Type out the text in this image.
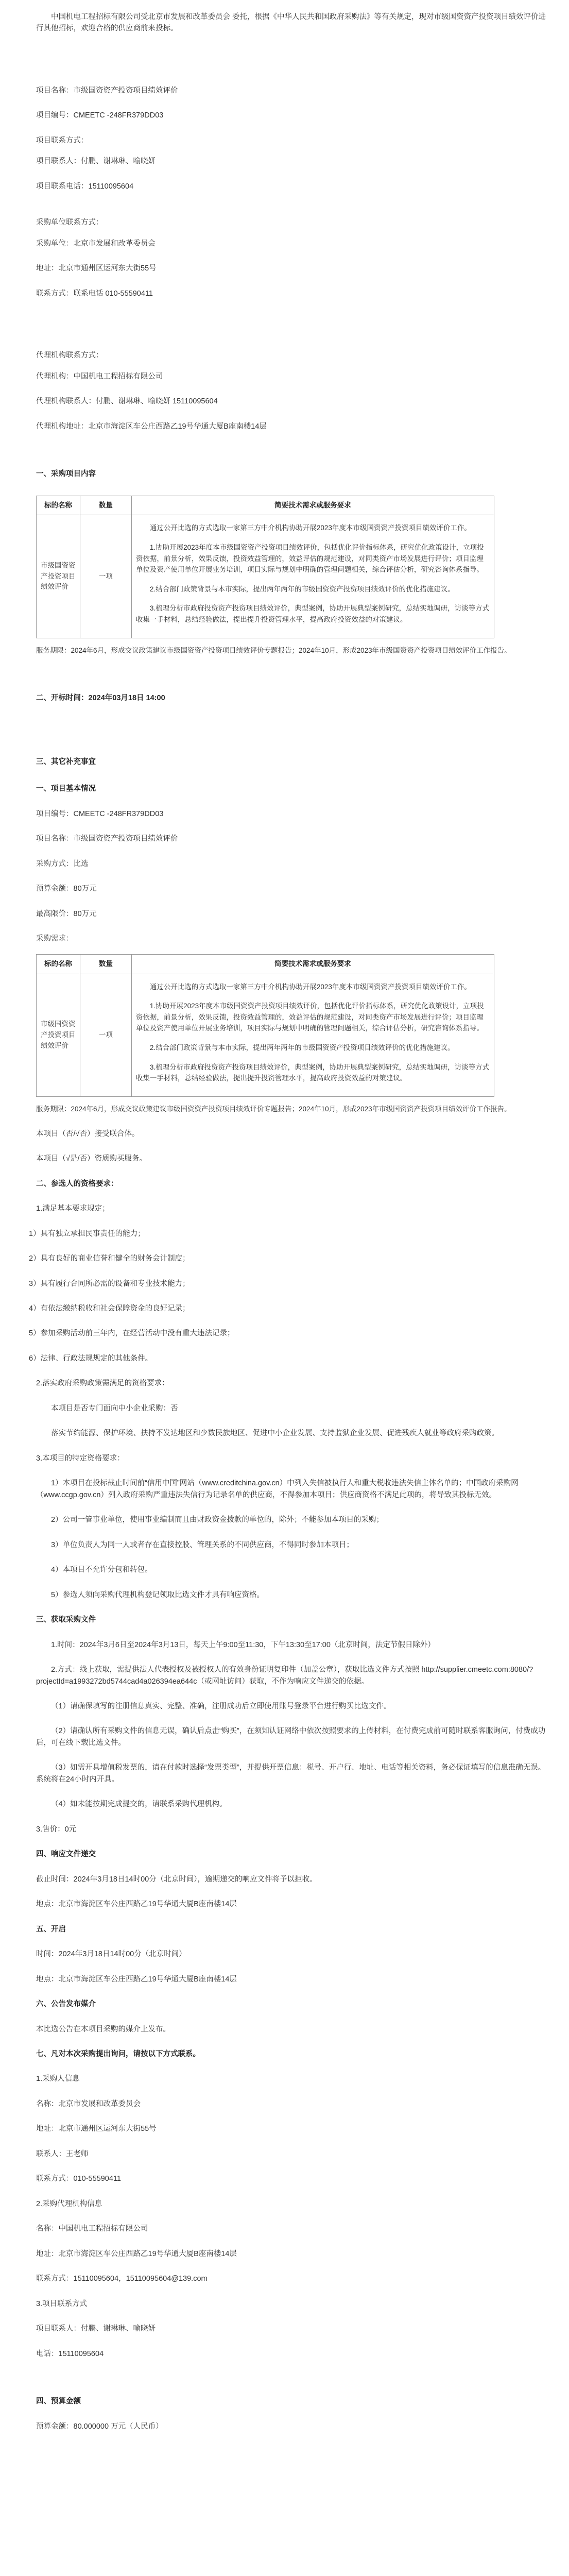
中国机电工程招标有限公司受北京市发展和改革委员会 委托，根据《中华人民共和国政府采购法》等有关规定，现对市级国资资产投资项目绩效评价进行其他招标，欢迎合格的供应商前来投标。
项目名称：市级国资资产投资项目绩效评价
项目编号：CMEETC -248FR379DD03
项目联系方式：
项目联系人：付鹏、谢琳琳、喻晓妍
项目联系电话：15110095604
采购单位联系方式：
采购单位：北京市发展和改革委员会
地址：北京市通州区运河东大街55号
联系方式：联系电话 010-55590411
代理机构联系方式：
代理机构：中国机电工程招标有限公司
代理机构联系人：付鹏、谢琳琳、喻晓妍 15110095604
代理机构地址：北京市海淀区车公庄西路乙19号华通大厦B座南楼14层
一、采购项目内容
标的名称	数量	简要技术需求或服务要求
市级国资资产投资项目绩效评价	一项	通过公开比选的方式选取一家第三方中介机构协助开展2023年度本市级国资资产投资项目绩效评价工作。

1.协助开展2023年度本市级国资资产投资项目绩效评价，包括优化评价指标体系，研究优化政策设计，立项投资依据，前景分析，效果反馈，投资效益管理的，效益评估的规范建设，对同类资产市场发展进行评价；项目监理单位及资产使用单位开展业务培训，项目实际与规划中明确的管理问题相关，综合评估分析，研究咨询体系指导。

2.结合部门政策背景与本市实际，提出两年两年的市级国资资产投资项目绩效评价的优化措施建议。

3.梳理分析市政府投资资产投资项目绩效评价，典型案例，协助开展典型案例研究，总结实地调研，访谈等方式收集一手材料，总结经验做法，提出提升投资管理水平，提高政府投资效益的对策建议。

服务期限：2024年6月，形成交议政策建议市级国资资产投资项目绩效评价专题报告；2024年10月，形成2023年市级国资资产投资项目绩效评价工作报告。
二、开标时间：2024年03月18日 14:00
三、其它补充事宜
一、项目基本情况
项目编号：CMEETC -248FR379DD03
项目名称：市级国资资产投资项目绩效评价
采购方式：比选
预算金额：80万元
最高限价：80万元
采购需求：
标的名称	数量	简要技术需求或服务要求
市级国资资产投资项目绩效评价	一项	通过公开比选的方式选取一家第三方中介机构协助开展2023年度本市级国资资产投资项目绩效评价工作。

1.协助开展2023年度本市级国资资产投资项目绩效评价，包括优化评价指标体系，研究优化政策设计，立项投资依据，前景分析，效果反馈，投资效益管理的，效益评估的规范建设，对同类资产市场发展进行评价；项目监理单位及资产使用单位开展业务培训，项目实际与规划中明确的管理问题相关，综合评估分析，研究咨询体系指导。

2.结合部门政策背景与本市实际，提出两年两年的市级国资资产投资项目绩效评价的优化措施建议。

3.梳理分析市政府投资资产投资项目绩效评价，典型案例，协助开展典型案例研究，总结实地调研，访谈等方式收集一手材料，总结经验做法，提出提升投资管理水平，提高政府投资效益的对策建议。

服务期限：2024年6月，形成交议政策建议市级国资资产投资项目绩效评价专题报告；2024年10月，形成2023年市级国资资产投资项目绩效评价工作报告。
本项目（否/√否）接受联合体。
本项目（√是/否）资质购买服务。
二、参选人的资格要求：
1.满足基本要求规定；
1）具有独立承担民事责任的能力；
2）具有良好的商业信誉和健全的财务会计制度；
3）具有履行合同所必需的设备和专业技术能力；
4）有依法缴纳税收和社会保障资金的良好记录；
5）参加采购活动前三年内，在经营活动中没有重大违法记录；
6）法律、行政法规规定的其他条件。
2.落实政府采购政策需满足的资格要求：
本项目是否专门面向中小企业采购：否
落实节约能源、保护环境、扶持不发达地区和少数民族地区、促进中小企业发展、支持监狱企业发展、促进残疾人就业等政府采购政策。
3.本项目的特定资格要求：
1）本项目在投标截止时间前“信用中国”网站（www.creditchina.gov.cn）中列入失信被执行人和重大税收违法失信主体名单的；中国政府采购网（www.ccgp.gov.cn）列入政府采购严重违法失信行为记录名单的供应商，不得参加本项目；供应商资格不满足此项的，将导致其投标无效。
2）公司一管事业单位，使用事业编制而且由财政资金拨款的单位的，除外；不能参加本项目的采购；
3）单位负责人为同一人或者存在直接控股、管理关系的不同供应商，不得同时参加本项目；
4）本项目不允许分包和转包。
5）参选人须向采购代理机构登记领取比选文件才具有响应资格。
三、获取采购文件
1.时间：2024年3月6日至2024年3月13日，每天上午9:00至11:30，下午13:30至17:00（北京时间，法定节假日除外）
2.方式：线上获取，需提供法人代表授权及被授权人的有效身份证明复印件（加盖公章），获取比选文件方式按照 http://supplier.cmeetc.com:8080/?projectId=a1993272bd5744cad4a026394ea644c（或网址访问）获取，不作为响应文件递交的依据。
（1）请确保填写的注册信息真实、完整、准确，注册成功后立即使用账号登录平台进行购买比选文件。
（2）请确认所有采购文件的信息无误，确认后点击“购买”，在须知认证网络中依次按照要求的上传材料，在付费完成前可随时联系客服询问，付费成功后，可在线下载比选文件。
（3）如需开具增值税发票的，请在付款时选择“发票类型”，并提供开票信息：税号、开户行、地址、电话等相关资料，务必保证填写的信息准确无误。系统将在24小时内开具。
（4）如未能按期完成提交的，请联系采购代理机构。
3.售价：0元
四、响应文件递交
截止时间：2024年3月18日14时00分（北京时间），逾期递交的响应文件将予以拒收。
地点：北京市海淀区车公庄西路乙19号华通大厦B座南楼14层
五、开启
时间：2024年3月18日14时00分（北京时间）
地点：北京市海淀区车公庄西路乙19号华通大厦B座南楼14层
六、公告发布媒介
本比选公告在本项目采购的媒介上发布。
七、凡对本次采购提出询问，请按以下方式联系。
1.采购人信息
名称：北京市发展和改革委员会
地址：北京市通州区运河东大街55号
联系人：王老师
联系方式：010-55590411
2.采购代理机构信息
名称：中国机电工程招标有限公司
地址：北京市海淀区车公庄西路乙19号华通大厦B座南楼14层
联系方式：15110095604，15110095604@139.com
3.项目联系方式
项目联系人：付鹏、谢琳琳、喻晓妍
电话：15110095604
四、预算金额
预算金额：80.000000 万元（人民币）
